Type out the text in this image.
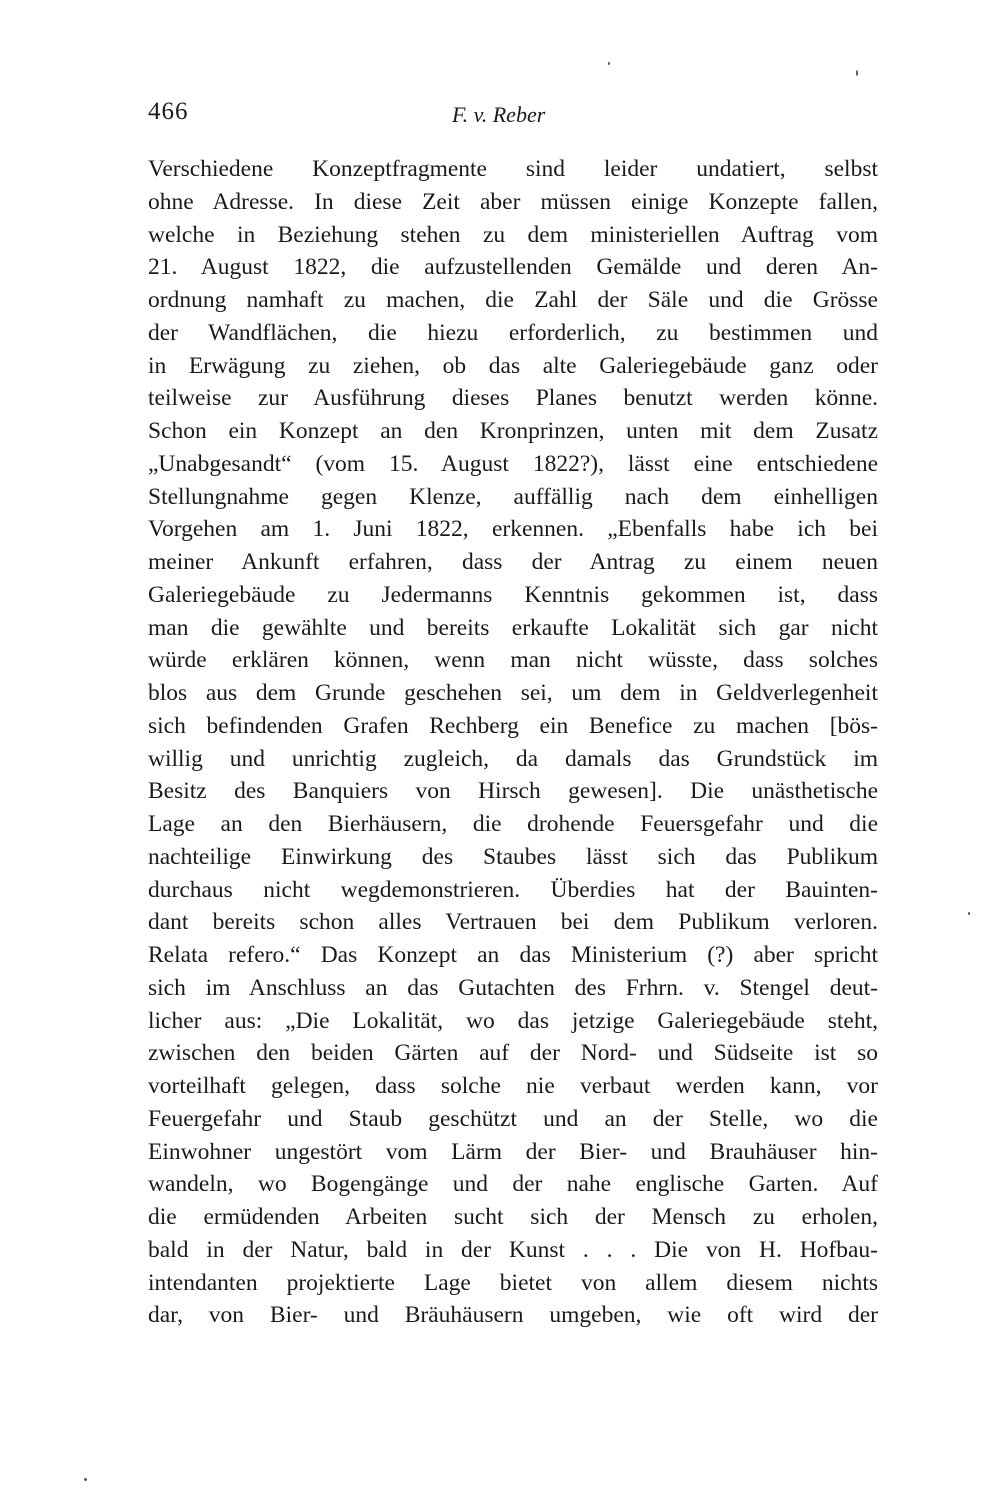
466	F. v. Reber
Verschiedene Konzeptfragmente sind leider undatiert, selbst
ohne Adresse. In diese Zeit aber müssen einige Konzepte fallen,
welche in Beziehung stehen zu dem ministeriellen Auftrag vom
21. August 1822, die aufzustellenden Gemälde und deren An-
ordnung namhaft zu machen, die Zahl der Säle und die Grösse
der Wandflächen, die hiezu erforderlich, zu bestimmen und
in Erwägung zu ziehen, ob das alte Galeriegebäude ganz oder
teilweise zur Ausführung dieses Planes benutzt werden könne.
Schon ein Konzept an den Kronprinzen, unten mit dem Zusatz
„Unabgesandt“ (vom 15. August 1822?), lässt eine entschiedene
Stellungnahme gegen Klenze, auffällig nach dem einhelligen
Vorgehen am 1. Juni 1822, erkennen. „Ebenfalls habe ich bei
meiner Ankunft erfahren, dass der Antrag zu einem neuen
Galeriegebäude zu Jedermanns Kenntnis gekommen ist, dass
man die gewählte und bereits erkaufte Lokalität sich gar nicht
würde erklären können, wenn man nicht wüsste, dass solches
blos aus dem Grunde geschehen sei, um dem in Geldverlegenheit
sich befindenden Grafen Rechberg ein Benefice zu machen [bös-
willig und unrichtig zugleich, da damals das Grundstück im
Besitz des Banquiers von Hirsch gewesen]. Die unästhetische
Lage an den Bierhäusern, die drohende Feuersgefahr und die
nachteilige Einwirkung des Staubes lässt sich das Publikum
durchaus nicht wegdemonstrieren. Überdies hat der Bauinten-
dant bereits schon alles Vertrauen bei dem Publikum verloren.
Relata refero.“ Das Konzept an das Ministerium (?) aber spricht
sich im Anschluss an das Gutachten des Frhrn. v. Stengel deut-
licher aus: „Die Lokalität, wo das jetzige Galeriegebäude steht,
zwischen den beiden Gärten auf der Nord- und Südseite ist so
vorteilhaft gelegen, dass solche nie verbaut werden kann, vor
Feuergefahr und Staub geschützt und an der Stelle, wo die
Einwohner ungestört vom Lärm der Bier- und Brauhäuser hin-
wandeln, wo Bogengänge und der nahe englische Garten. Auf
die ermüdenden Arbeiten sucht sich der Mensch zu erholen,
bald in der Natur, bald in der Kunst . . . Die von H. Hofbau-
intendanten projektierte Lage bietet von allem diesem nichts
dar, von Bier- und Bräuhäusern umgeben, wie oft wird der
